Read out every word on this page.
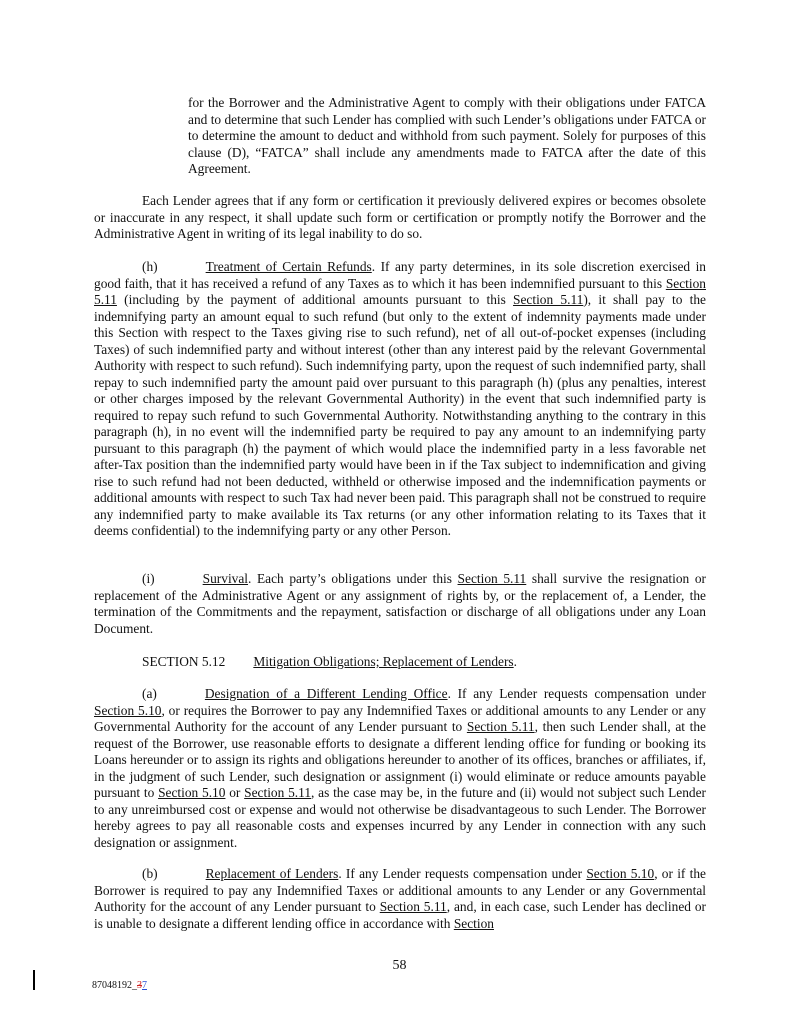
for the Borrower and the Administrative Agent to comply with their obligations under FATCA and to determine that such Lender has complied with such Lender’s obligations under FATCA or to determine the amount to deduct and withhold from such payment. Solely for purposes of this clause (D), “FATCA” shall include any amendments made to FATCA after the date of this Agreement.
Each Lender agrees that if any form or certification it previously delivered expires or becomes obsolete or inaccurate in any respect, it shall update such form or certification or promptly notify the Borrower and the Administrative Agent in writing of its legal inability to do so.
(h)	Treatment of Certain Refunds. If any party determines, in its sole discretion exercised in good faith, that it has received a refund of any Taxes as to which it has been indemnified pursuant to this Section 5.11 (including by the payment of additional amounts pursuant to this Section 5.11), it shall pay to the indemnifying party an amount equal to such refund (but only to the extent of indemnity payments made under this Section with respect to the Taxes giving rise to such refund), net of all out-of-pocket expenses (including Taxes) of such indemnified party and without interest (other than any interest paid by the relevant Governmental Authority with respect to such refund). Such indemnifying party, upon the request of such indemnified party, shall repay to such indemnified party the amount paid over pursuant to this paragraph (h) (plus any penalties, interest or other charges imposed by the relevant Governmental Authority) in the event that such indemnified party is required to repay such refund to such Governmental Authority. Notwithstanding anything to the contrary in this paragraph (h), in no event will the indemnified party be required to pay any amount to an indemnifying party pursuant to this paragraph (h) the payment of which would place the indemnified party in a less favorable net after-Tax position than the indemnified party would have been in if the Tax subject to indemnification and giving rise to such refund had not been deducted, withheld or otherwise imposed and the indemnification payments or additional amounts with respect to such Tax had never been paid. This paragraph shall not be construed to require any indemnified party to make available its Tax returns (or any other information relating to its Taxes that it deems confidential) to the indemnifying party or any other Person.
(i)	Survival. Each party’s obligations under this Section 5.11 shall survive the resignation or replacement of the Administrative Agent or any assignment of rights by, or the replacement of, a Lender, the termination of the Commitments and the repayment, satisfaction or discharge of all obligations under any Loan Document.
SECTION 5.12 Mitigation Obligations; Replacement of Lenders.
(a)	Designation of a Different Lending Office. If any Lender requests compensation under Section 5.10, or requires the Borrower to pay any Indemnified Taxes or additional amounts to any Lender or any Governmental Authority for the account of any Lender pursuant to Section 5.11, then such Lender shall, at the request of the Borrower, use reasonable efforts to designate a different lending office for funding or booking its Loans hereunder or to assign its rights and obligations hereunder to another of its offices, branches or affiliates, if, in the judgment of such Lender, such designation or assignment (i) would eliminate or reduce amounts payable pursuant to Section 5.10 or Section 5.11, as the case may be, in the future and (ii) would not subject such Lender to any unreimbursed cost or expense and would not otherwise be disadvantageous to such Lender. The Borrower hereby agrees to pay all reasonable costs and expenses incurred by any Lender in connection with any such designation or assignment.
(b)	Replacement of Lenders. If any Lender requests compensation under Section 5.10, or if the Borrower is required to pay any Indemnified Taxes or additional amounts to any Lender or any Governmental Authority for the account of any Lender pursuant to Section 5.11, and, in each case, such Lender has declined or is unable to designate a different lending office in accordance with Section
58
87048192_37
